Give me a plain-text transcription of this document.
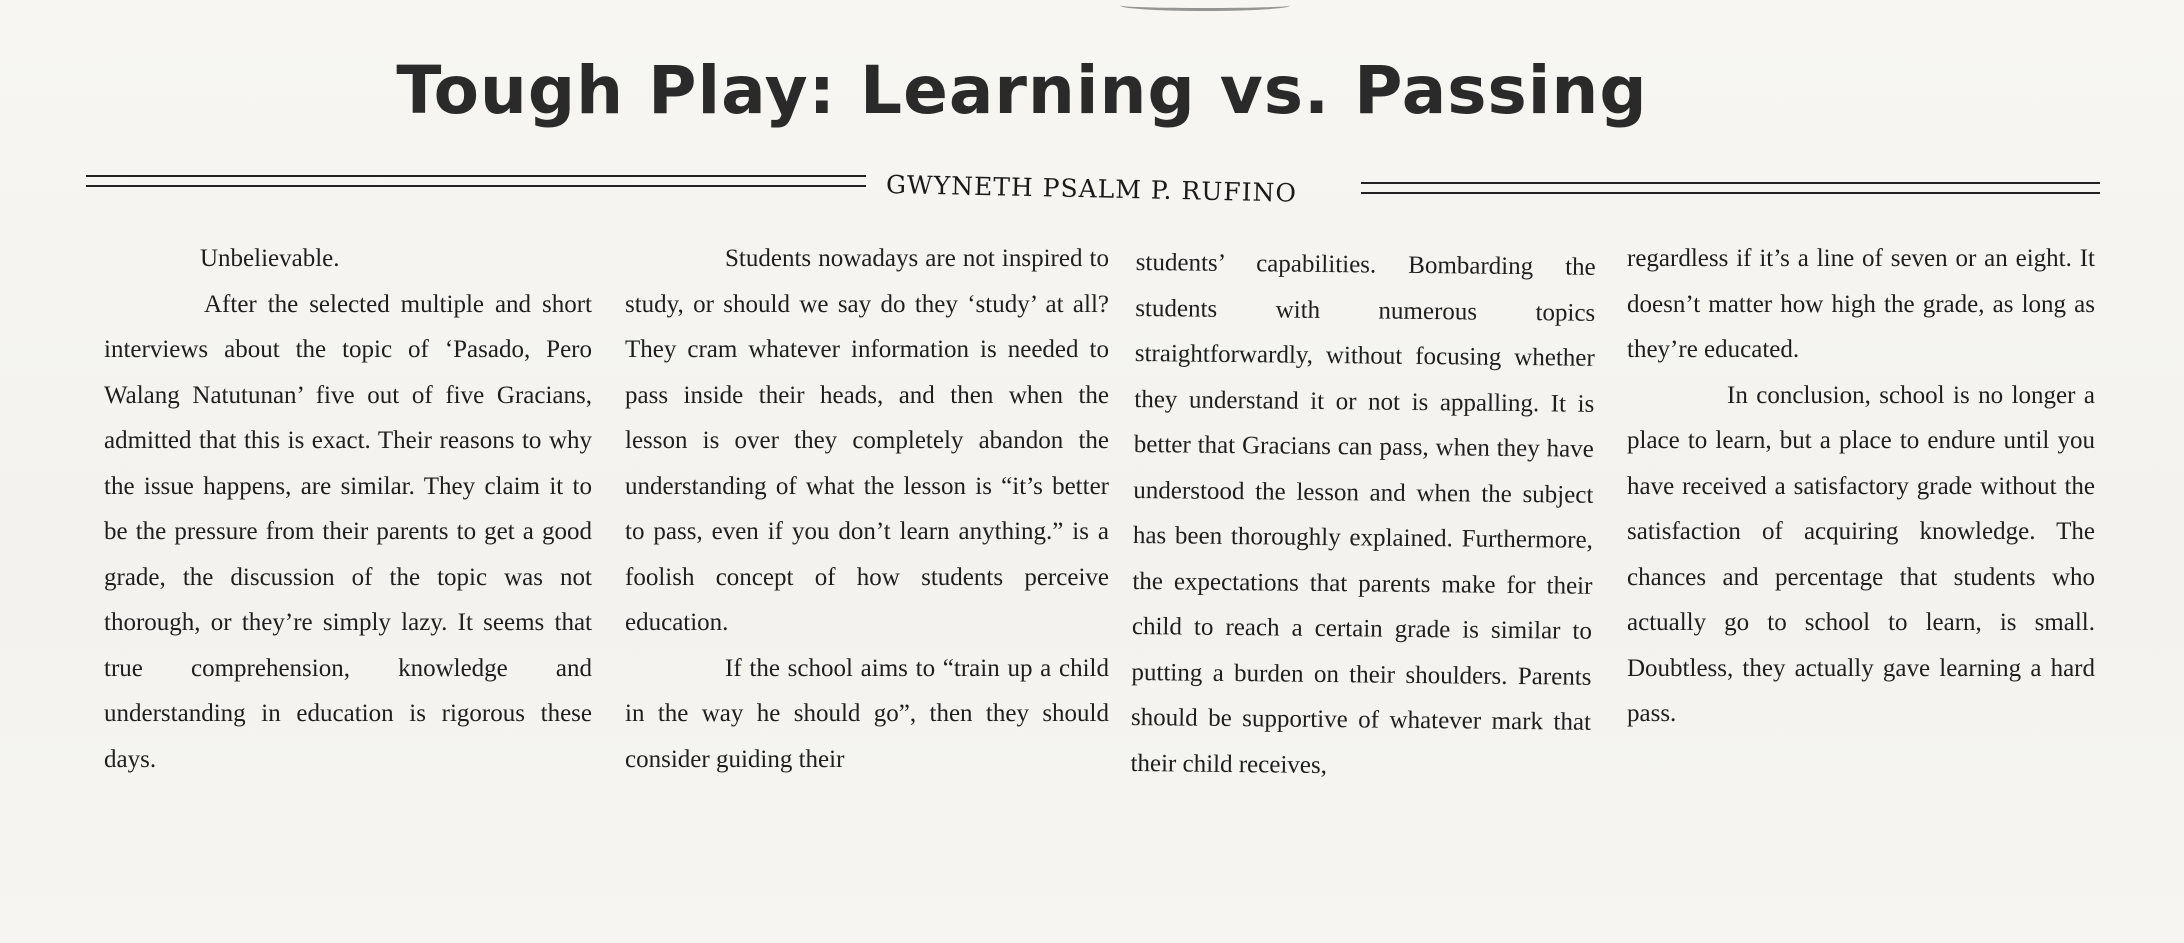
Tough Play: Learning vs. Passing
GWYNETH PSALM P. RUFINO

Unbelievable.

After the selected multiple and short interviews about the topic of ‘Pasado, Pero Walang Natutunan’ five out of five Gracians, admitted that this is exact. Their reasons to why the issue happens, are similar. They claim it to be the pressure from their parents to get a good grade, the discussion of the topic was not thorough, or they’re simply lazy. It seems that true comprehension, knowledge and understanding in education is rigorous these days.

Students nowadays are not inspired to study, or should we say do they ‘study’ at all? They cram whatever information is needed to pass inside their heads, and then when the lesson is over they completely abandon the understanding of what the lesson is “it’s better to pass, even if you don’t learn anything.” is a foolish concept of how students perceive education.

If the school aims to “train up a child in the way he should go”, then they should consider guiding their

students’ capabilities. Bombarding the students with numerous topics straightforwardly, without focusing whether they understand it or not is appalling. It is better that Gracians can pass, when they have understood the lesson and when the subject has been thoroughly explained. Furthermore, the expectations that parents make for their child to reach a certain grade is similar to putting a burden on their shoulders. Parents should be supportive of whatever mark that their child receives,

regardless if it’s a line of seven or an eight. It doesn’t matter how high the grade, as long as they’re educated.

In conclusion, school is no longer a place to learn, but a place to endure until you have received a satisfactory grade without the satisfaction of acquiring knowledge. The chances and percentage that students who actually go to school to learn, is small. Doubtless, they actually gave learning a hard pass.
